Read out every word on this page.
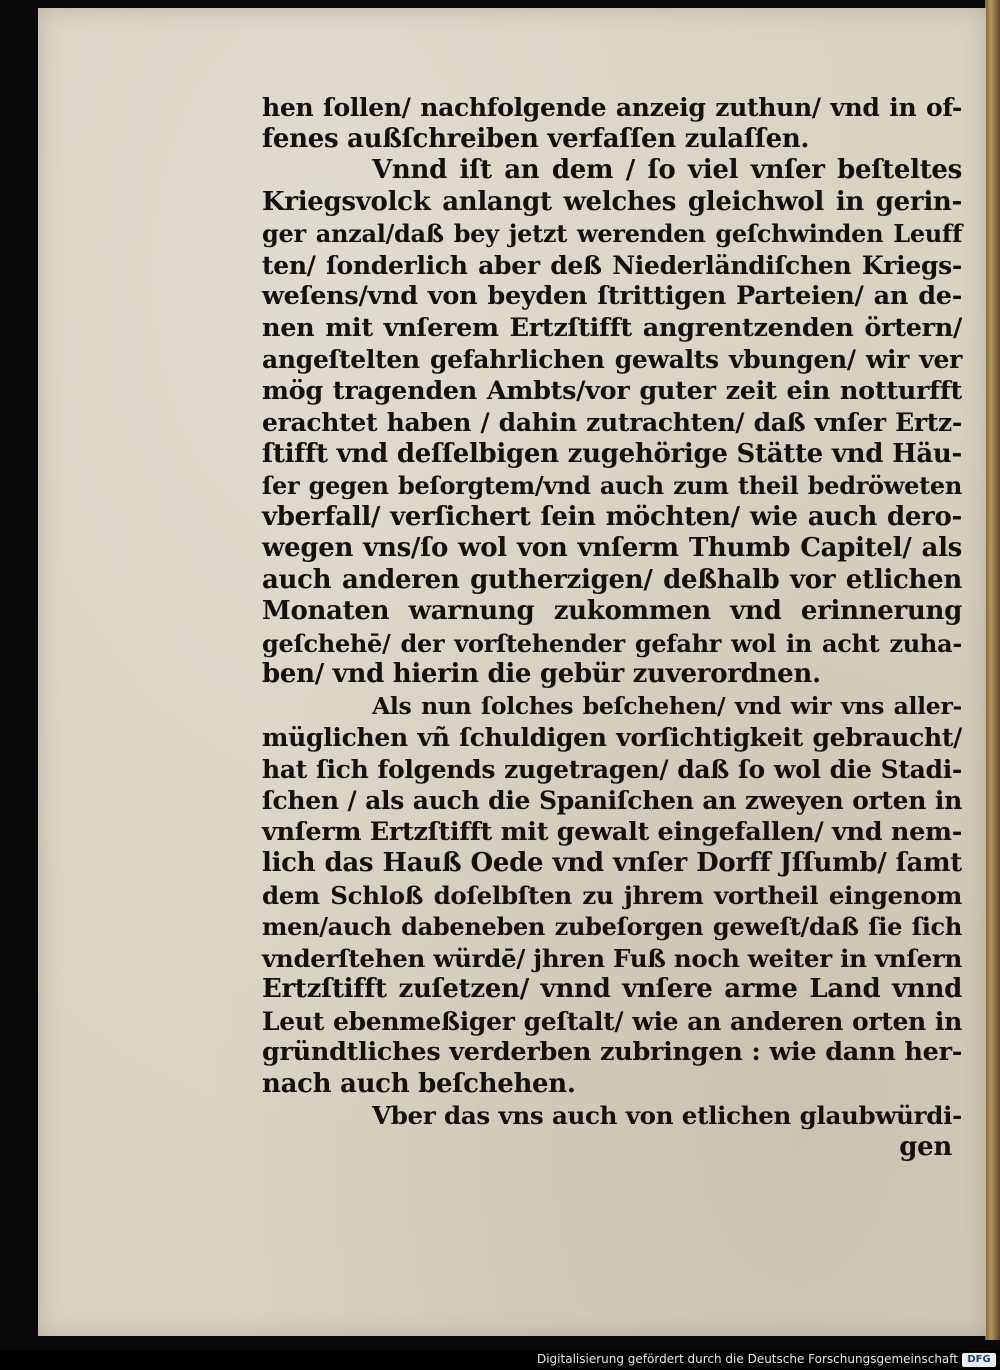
hen ſollen/ nachfolgende anzeig zuthun/ vnd in of-
fenes außſchreiben verfaſſen zulaſſen.
Vnnd iſt an dem / ſo viel vnſer beſteltes
Kriegsvolck anlangt welches gleichwol in gerin-
ger anzal/daß bey jetzt werenden geſchwinden Leuff
ten/ ſonderlich aber deß Niederländiſchen Kriegs-
weſens/vnd von beyden ſtrittigen Parteien/ an de-
nen mit vnſerem Ertzſtifft angrentzenden örtern/
angeſtelten gefahrlichen gewalts vbungen/ wir ver
mög tragenden Ambts/vor guter zeit ein notturfft
erachtet haben / dahin zutrachten/ daß vnſer Ertz-
ſtifft vnd deſſelbigen zugehörige Stätte vnd Häu-
ſer gegen beſorgtem/vnd auch zum theil bedröweten
vberfall/ verſichert ſein möchten/ wie auch dero-
wegen vns/ſo wol von vnſerm Thumb Capitel/ als
auch anderen gutherzigen/ deßhalb vor etlichen
Monaten warnung zukommen vnd erinnerung
geſchehē/ der vorſtehender gefahr wol in acht zuha-
ben/ vnd hierin die gebür zuverordnen.
Als nun ſolches beſchehen/ vnd wir vns aller-
müglichen vñ ſchuldigen vorſichtigkeit gebraucht/
hat ſich folgends zugetragen/ daß ſo wol die Stadi-
ſchen / als auch die Spaniſchen an zweyen orten in
vnſerm Ertzſtifft mit gewalt eingefallen/ vnd nem-
lich das Hauß Oede vnd vnſer Dorff Jſſumb/ ſamt
dem Schloß doſelbſten zu jhrem vortheil eingenom
men/auch dabeneben zubeſorgen geweſt/daß ſie ſich
vnderſtehen würdē/ jhren Fuß noch weiter in vnſern
Ertzſtifft zuſetzen/ vnnd vnſere arme Land vnnd
Leut ebenmeßiger geſtalt/ wie an anderen orten in
gründtliches verderben zubringen : wie dann her-
nach auch beſchehen.
Vber das vns auch von etlichen glaubwürdi-
gen
Digitalisierung gefördert durch die Deutsche Forschungsgemeinschaft DFG
